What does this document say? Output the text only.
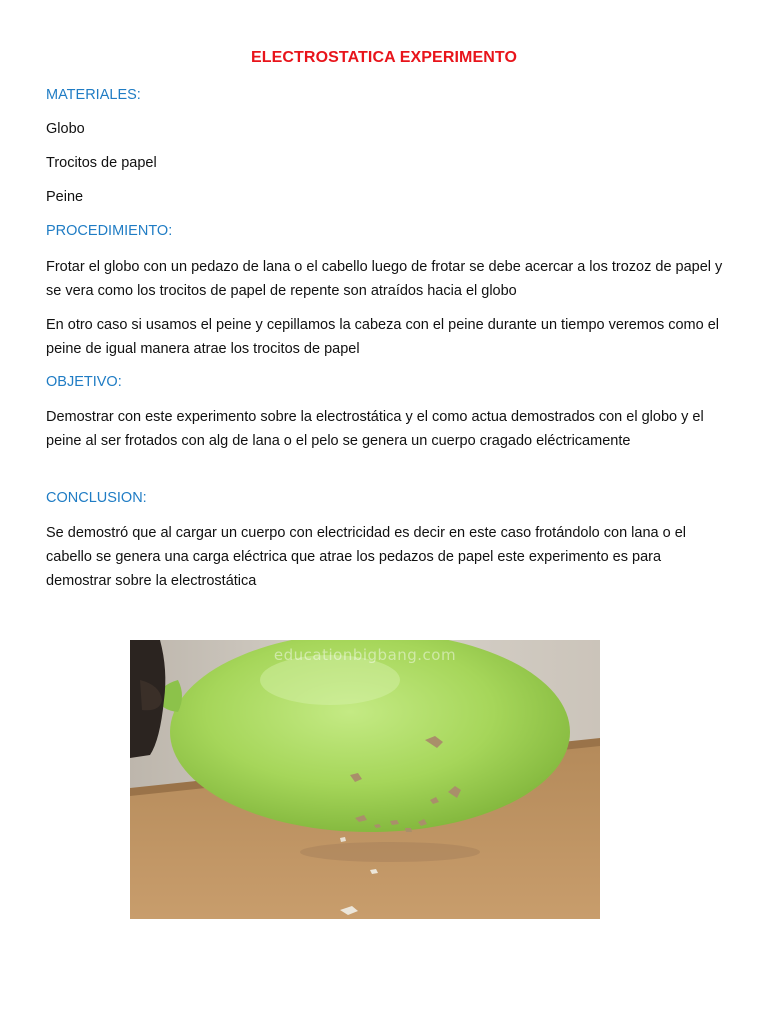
ELECTROSTATICA EXPERIMENTO
MATERIALES:
Globo
Trocitos de papel
Peine
PROCEDIMIENTO:
Frotar el globo con un pedazo de lana o el cabello luego de frotar se debe acercar a los trozoz de papel y se vera como los trocitos de papel de repente son atraídos hacia el globo
En otro caso si usamos el peine y cepillamos la cabeza con el peine durante un tiempo veremos como el peine de igual manera atrae los trocitos de papel
OBJETIVO:
Demostrar con este experimento sobre la electrostática y el como actua demostrados con el globo y el peine al ser frotados con alg de lana o el pelo se genera un cuerpo cragado eléctricamente
CONCLUSION:
Se demostró que al cargar un cuerpo con electricidad es decir en este caso frotándolo con lana o el cabello se genera una carga eléctrica que atrae los pedazos de papel este experimento es para demostrar sobre la electrostática
educationbigbang.com
